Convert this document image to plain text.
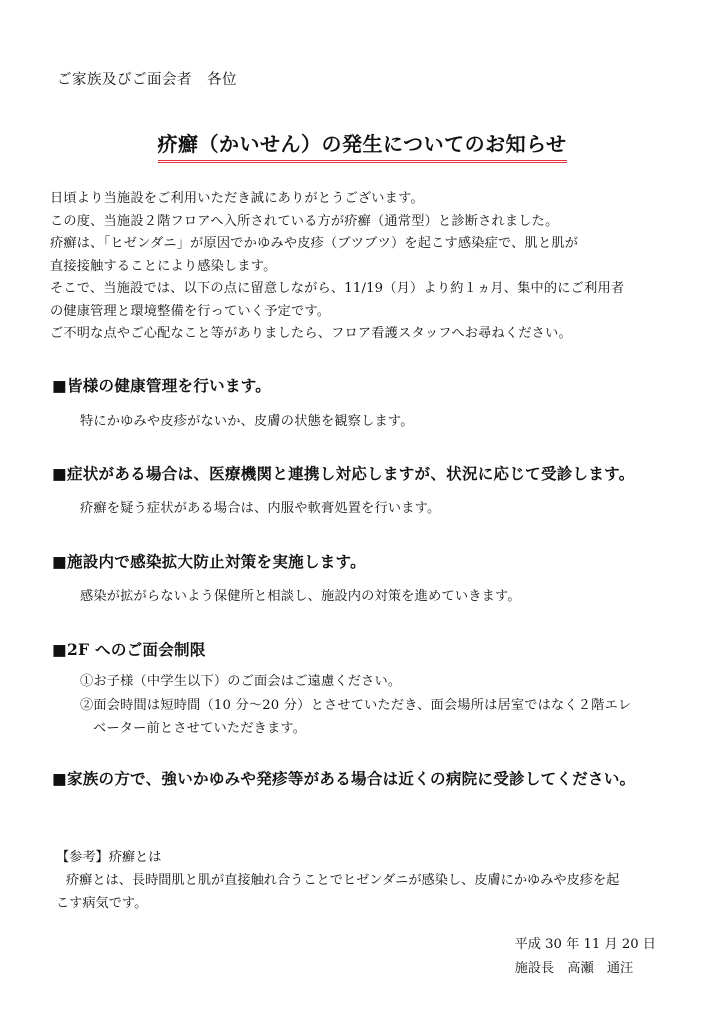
ご家族及びご面会者　各位
疥癬（かいせん）の発生についてのお知らせ
日頃より当施設をご利用いただき誠にありがとうございます。
この度、当施設２階フロアへ入所されている方が疥癬（通常型）と診断されました。
疥癬は、「ヒゼンダニ」が原因でかゆみや皮疹（ブツブツ）を起こす感染症で、肌と肌が
直接接触することにより感染します。
そこで、当施設では、以下の点に留意しながら、11/19（月）より約１ヵ月、集中的にご利用者
の健康管理と環境整備を行っていく予定です。
ご不明な点やご心配なこと等がありましたら、フロア看護スタッフへお尋ねください。
■皆様の健康管理を行います。
特にかゆみや皮疹がないか、皮膚の状態を観察します。
■症状がある場合は、医療機関と連携し対応しますが、状況に応じて受診します。
疥癬を疑う症状がある場合は、内服や軟膏処置を行います。
■施設内で感染拡大防止対策を実施します。
感染が拡がらないよう保健所と相談し、施設内の対策を進めていきます。
■2F へのご面会制限
①お子様（中学生以下）のご面会はご遠慮ください。
②面会時間は短時間（10 分～20 分）とさせていただき、面会場所は居室ではなく２階エレ
ベーター前とさせていただきます。
■家族の方で、強いかゆみや発疹等がある場合は近くの病院に受診してください。
【参考】疥癬とは
疥癬とは、長時間肌と肌が直接触れ合うことでヒゼンダニが感染し、皮膚にかゆみや皮疹を起
こす病気です。
平成 30 年 11 月 20 日
施設長　高瀬　通汪
